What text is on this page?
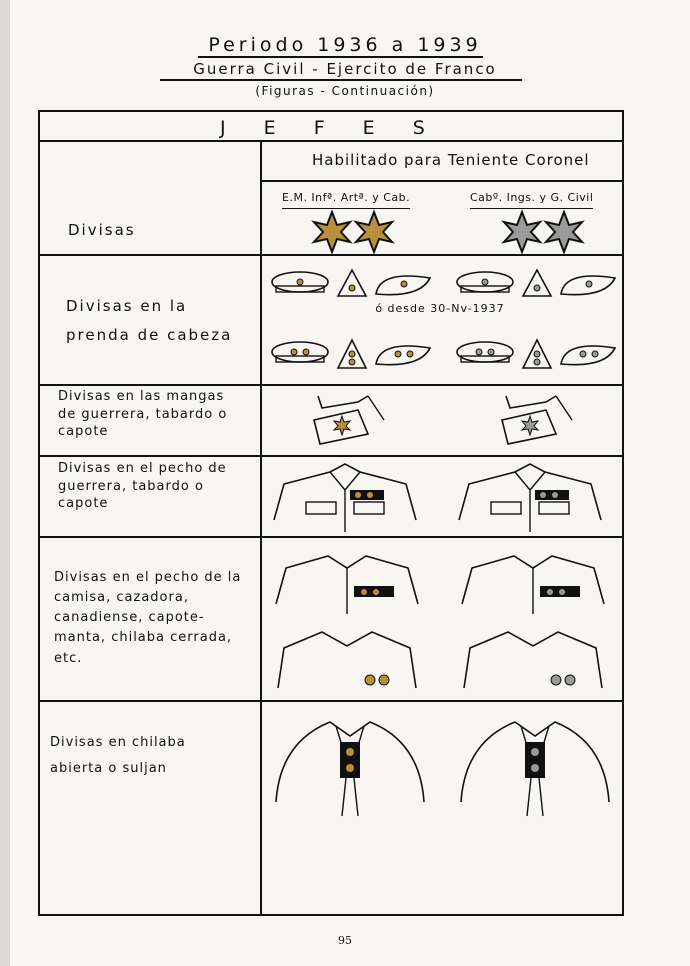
Periodo 1936 a 1939
Guerra Civil - Ejercito de Franco
(Figuras - Continuación)
J E F E S
Habilitado para Teniente Coronel
E.M. Infª. Artª. y Cab.	Cabº. Ings. y G. Civil
Divisas
Divisas en la prenda de cabeza
Divisas en las mangas de guerrera, tabardo o capote
Divisas en el pecho de guerrera, tabardo o capote
Divisas en el pecho de la camisa, cazadora, canadiense, capote-manta, chilaba cerrada, etc.
Divisas en chilaba abierta o suljan
ó desde 30-Nv-1937
95
